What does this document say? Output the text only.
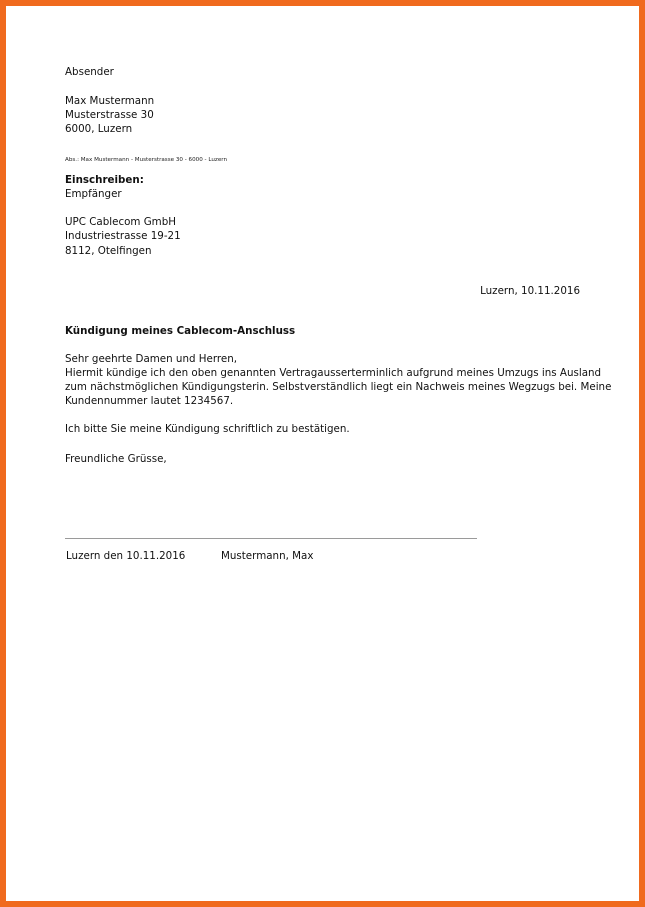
Absender
Max Mustermann
Musterstrasse 30
6000, Luzern
Abs.: Max Mustermann - Musterstrasse 30 - 6000 - Luzern
Einschreiben:
Empfänger
UPC Cablecom GmbH
Industriestrasse 19-21
8112, Otelfingen
Luzern, 10.11.2016
Kündigung meines Cablecom-Anschluss
Sehr geehrte Damen und Herren,
Hiermit kündige ich den oben genannten Vertragausserterminlich aufgrund meines Umzugs ins Ausland
zum nächstmöglichen Kündigungsterin. Selbstverständlich liegt ein Nachweis meines Wegzugs bei. Meine
Kundennummer lautet 1234567.
Ich bitte Sie meine Kündigung schriftlich zu bestätigen.
Freundliche Grüsse,
Luzern den 10.11.2016	Mustermann, Max
